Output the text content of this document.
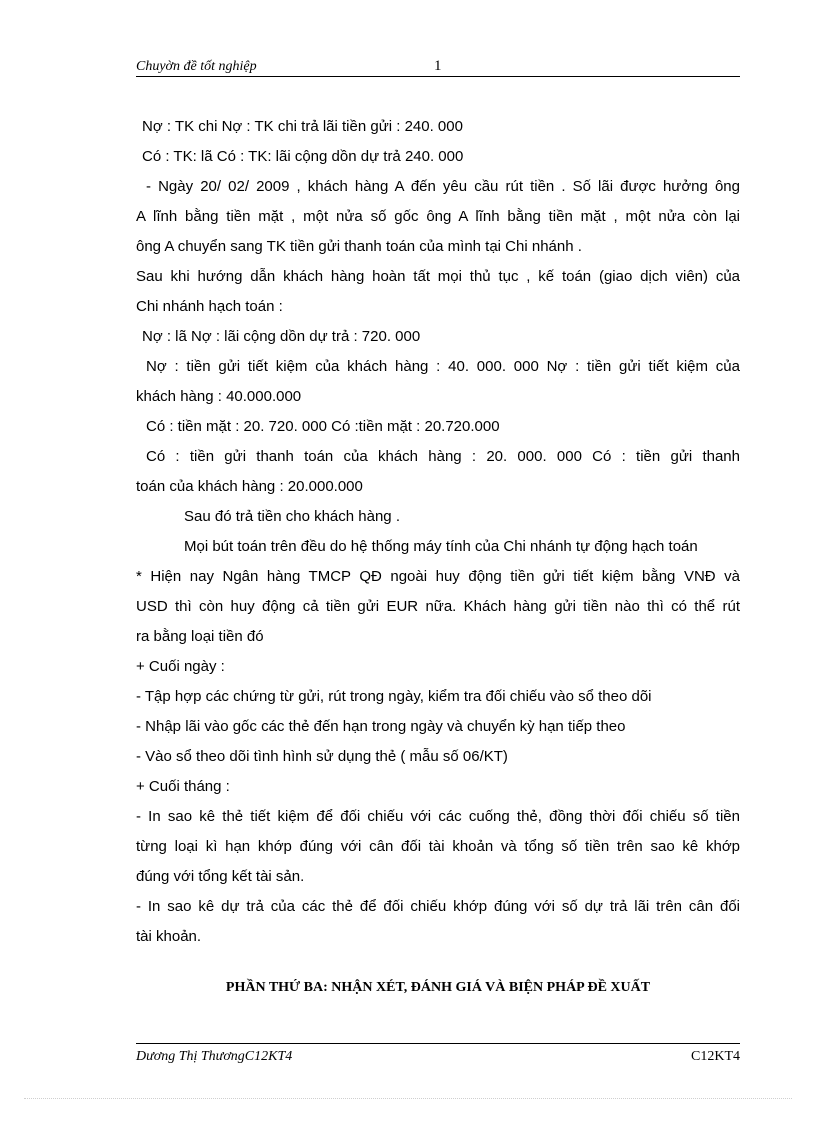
Chuyờn đề tốt nghiệp	1

Nợ : TK chi Nợ : TK chi trả lãi tiền gửi : 240. 000

Có : TK: lã Có : TK: lãi cộng dồn dự trả 240. 000

- Ngày 20/ 02/ 2009 , khách hàng A đến yêu cầu rút tiền . Số lãi được hưởng ông

A lĩnh bằng tiền mặt , một nửa số gốc ông A lĩnh bằng tiền mặt , một nửa còn lại

ông A chuyển sang TK tiền gửi thanh toán của mình tại Chi nhánh .

Sau khi hướng dẫn khách hàng hoàn tất mọi thủ tục , kế toán (giao dịch viên) của

Chi nhánh hạch toán :

Nợ : lã Nợ : lãi cộng dồn dự trả : 720. 000

Nợ : tiền gửi tiết kiệm của khách hàng : 40. 000. 000 Nợ : tiền gửi tiết kiệm của

khách hàng : 40.000.000

Có : tiền mặt : 20. 720. 000 Có :tiền mặt : 20.720.000

Có : tiền gửi thanh toán của khách hàng : 20. 000. 000 Có : tiền gửi thanh

toán của khách hàng : 20.000.000

Sau đó trả tiền cho khách hàng .

Mọi bút toán trên đều do hệ thống máy tính của Chi nhánh tự động hạch toán

* Hiện nay Ngân hàng TMCP QĐ ngoài huy động tiền gửi tiết kiệm bằng VNĐ và

USD thì còn huy động cả tiền gửi EUR nữa. Khách hàng gửi tiền nào thì có thể rút

ra bằng loại tiền đó

+ Cuối ngày :

- Tập hợp các chứng từ gửi, rút trong ngày, kiểm tra đối chiếu vào sổ theo dõi

- Nhập lãi vào gốc các thẻ đến hạn trong ngày và chuyển kỳ hạn tiếp theo

- Vào sổ theo dõi tình hình sử dụng thẻ ( mẫu số 06/KT)

+ Cuối tháng :

- In sao kê thẻ tiết kiệm để đối chiếu với các cuống thẻ, đồng thời đối chiếu số tiền

từng loại kì hạn khớp đúng với cân đối tài khoản và tổng số tiền trên sao kê khớp

đúng với tổng kết tài sản.

- In sao kê dự trả của các thẻ để đối chiếu khớp đúng với số dự trả lãi trên cân đối

tài khoản.

PHẦN THỨ BA: NHẬN XÉT, ĐÁNH GIÁ VÀ BIỆN PHÁP ĐỀ XUẤT
Dương Thị ThươngC12KT4	C12KT4
